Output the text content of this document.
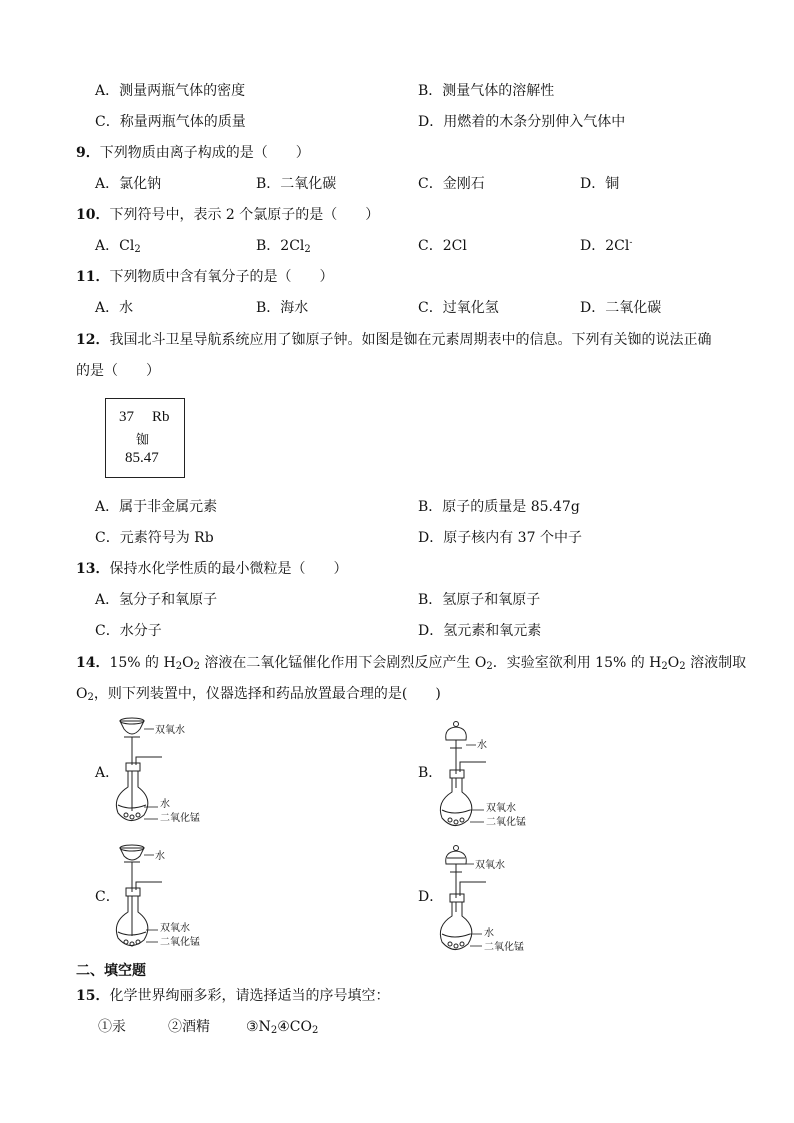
A．测量两瓶气体的密度	B．测量气体的溶解性
C．称量两瓶气体的质量	D．用燃着的木条分别伸入气体中
9．下列物质由离子构成的是（　　）
A．氯化钠	B．二氧化碳	C．金刚石	D．铜
10．下列符号中，表示 2 个氯原子的是（　　）
A．$Cl_2$	B．$2Cl_2$	C．2Cl	D．2Cl-
11．下列物质中含有氧分子的是（　　）
A．水	B．海水	C．过氧化氢	D．二氧化碳
12．我国北斗卫星导航系统应用了铷原子钟。如图是铷在元素周期表中的信息。下列有关铷的说法正确
的是（　　）
37 Rb
铷
85.47
A．属于非金属元素	B．原子的质量是 85.47g
C．元素符号为 Rb	D．原子核内有 37 个中子
13．保持水化学性质的最小微粒是（　　）
A．氢分子和氧原子	B．氢原子和氧原子
C．水分子	D．氢元素和氧元素
14．15% 的 $H_2O_2$ 溶液在二氧化锰催化作用下会剧烈反应产生 $O_2$．实验室欲利用 15% 的 $H_2O_2$ 溶液制取
$O_2$，则下列装置中，仪器选择和药品放置最合理的是(　　)
A．	B．
C．	D．
双氧水
水
二氧化锰
水
双氧水
二氧化锰
水
双氧水
二氧化锰
双氧水
水
二氧化锰
二、填空题
15．化学世界绚丽多彩，请选择适当的序号填空：
①汞	②酒精	$③N_2④CO_2$
